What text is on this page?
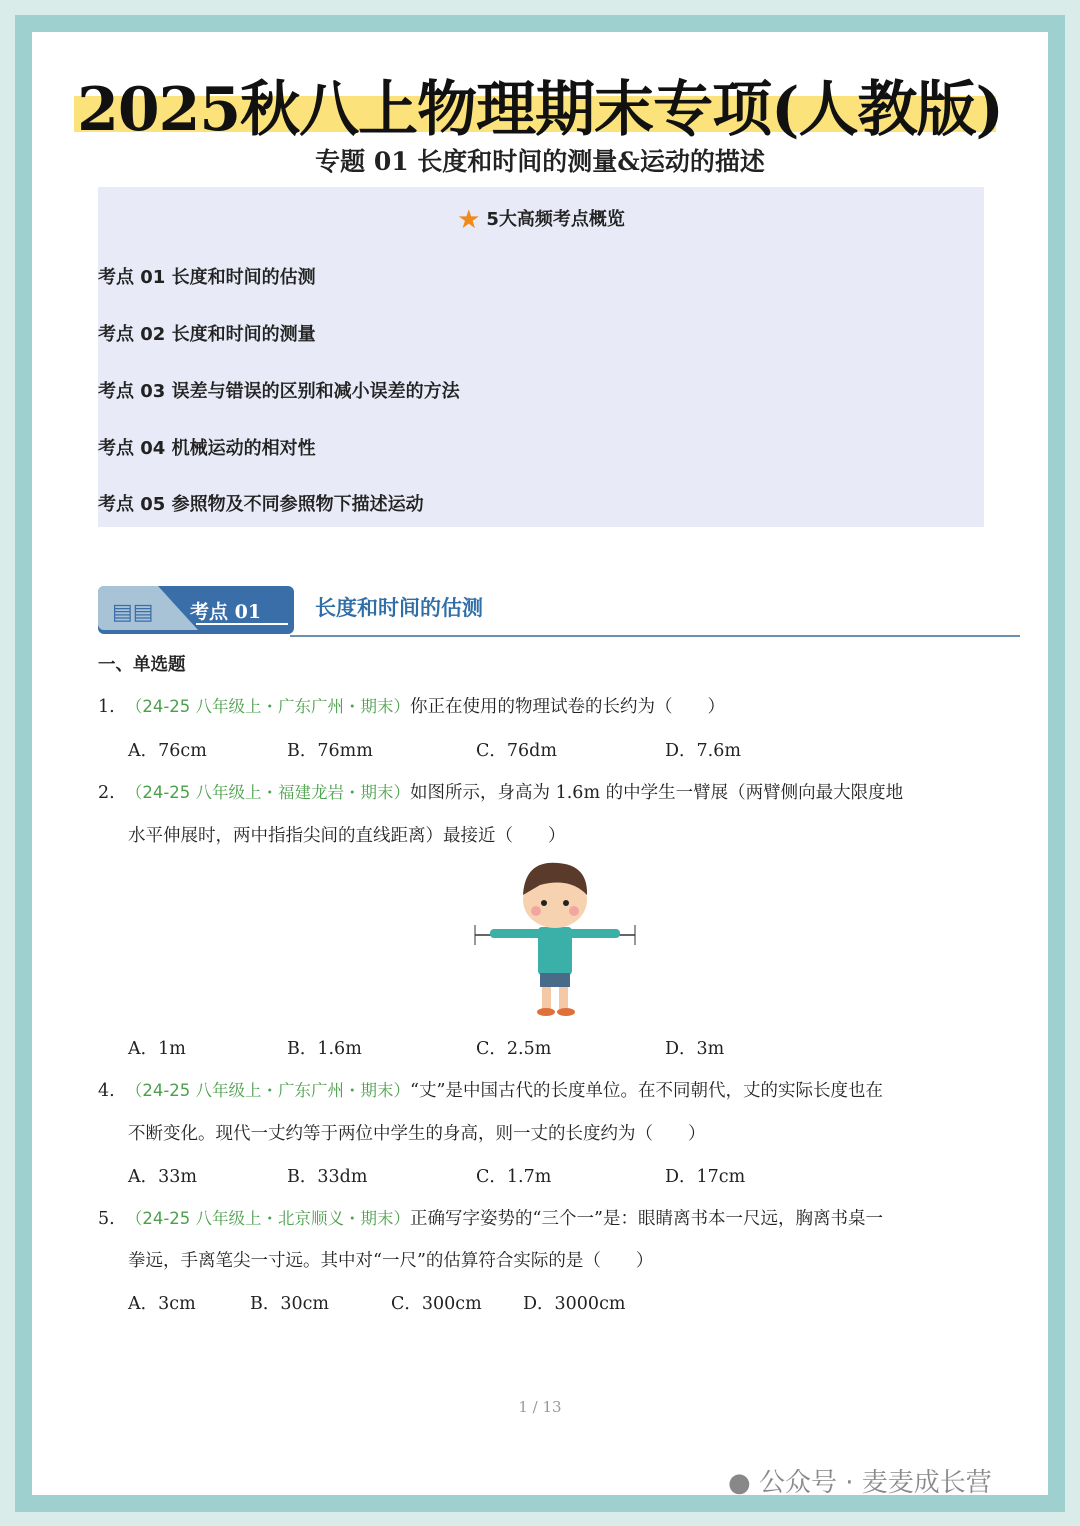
2025秋八上物理期末专项(人教版)
专题 01 长度和时间的测量&运动的描述
★ 5大高频考点概览
考点 01 长度和时间的估测
考点 02 长度和时间的测量
考点 03 误差与错误的区别和减小误差的方法
考点 04 机械运动的相对性
考点 05 参照物及不同参照物下描述运动
▤▤ 考点 01	长度和时间的估测
一、单选题
1. （24-25 八年级上・广东广州・期末）你正在使用的物理试卷的长约为（　　）
A．76cm	B．76mm	C．76dm	D．7.6m
2. （24-25 八年级上・福建龙岩・期末）如图所示，身高为 1.6m 的中学生一臂展（两臂侧向最大限度地
水平伸展时，两中指指尖间的直线距离）最接近（　　）
A．1m	B．1.6m	C．2.5m	D．3m
4. （24-25 八年级上・广东广州・期末）“丈”是中国古代的长度单位。在不同朝代，丈的实际长度也在
不断变化。现代一丈约等于两位中学生的身高，则一丈的长度约为（　　）
A．33m	B．33dm	C．1.7m	D．17cm
5. （24-25 八年级上・北京顺义・期末）正确写字姿势的“三个一”是：眼睛离书本一尺远，胸离书桌一
拳远，手离笔尖一寸远。其中对“一尺”的估算符合实际的是（　　）
A．3cm	B．30cm	C．300cm D．3000cm
1 / 13
● 公众号 · 麦麦成长营
